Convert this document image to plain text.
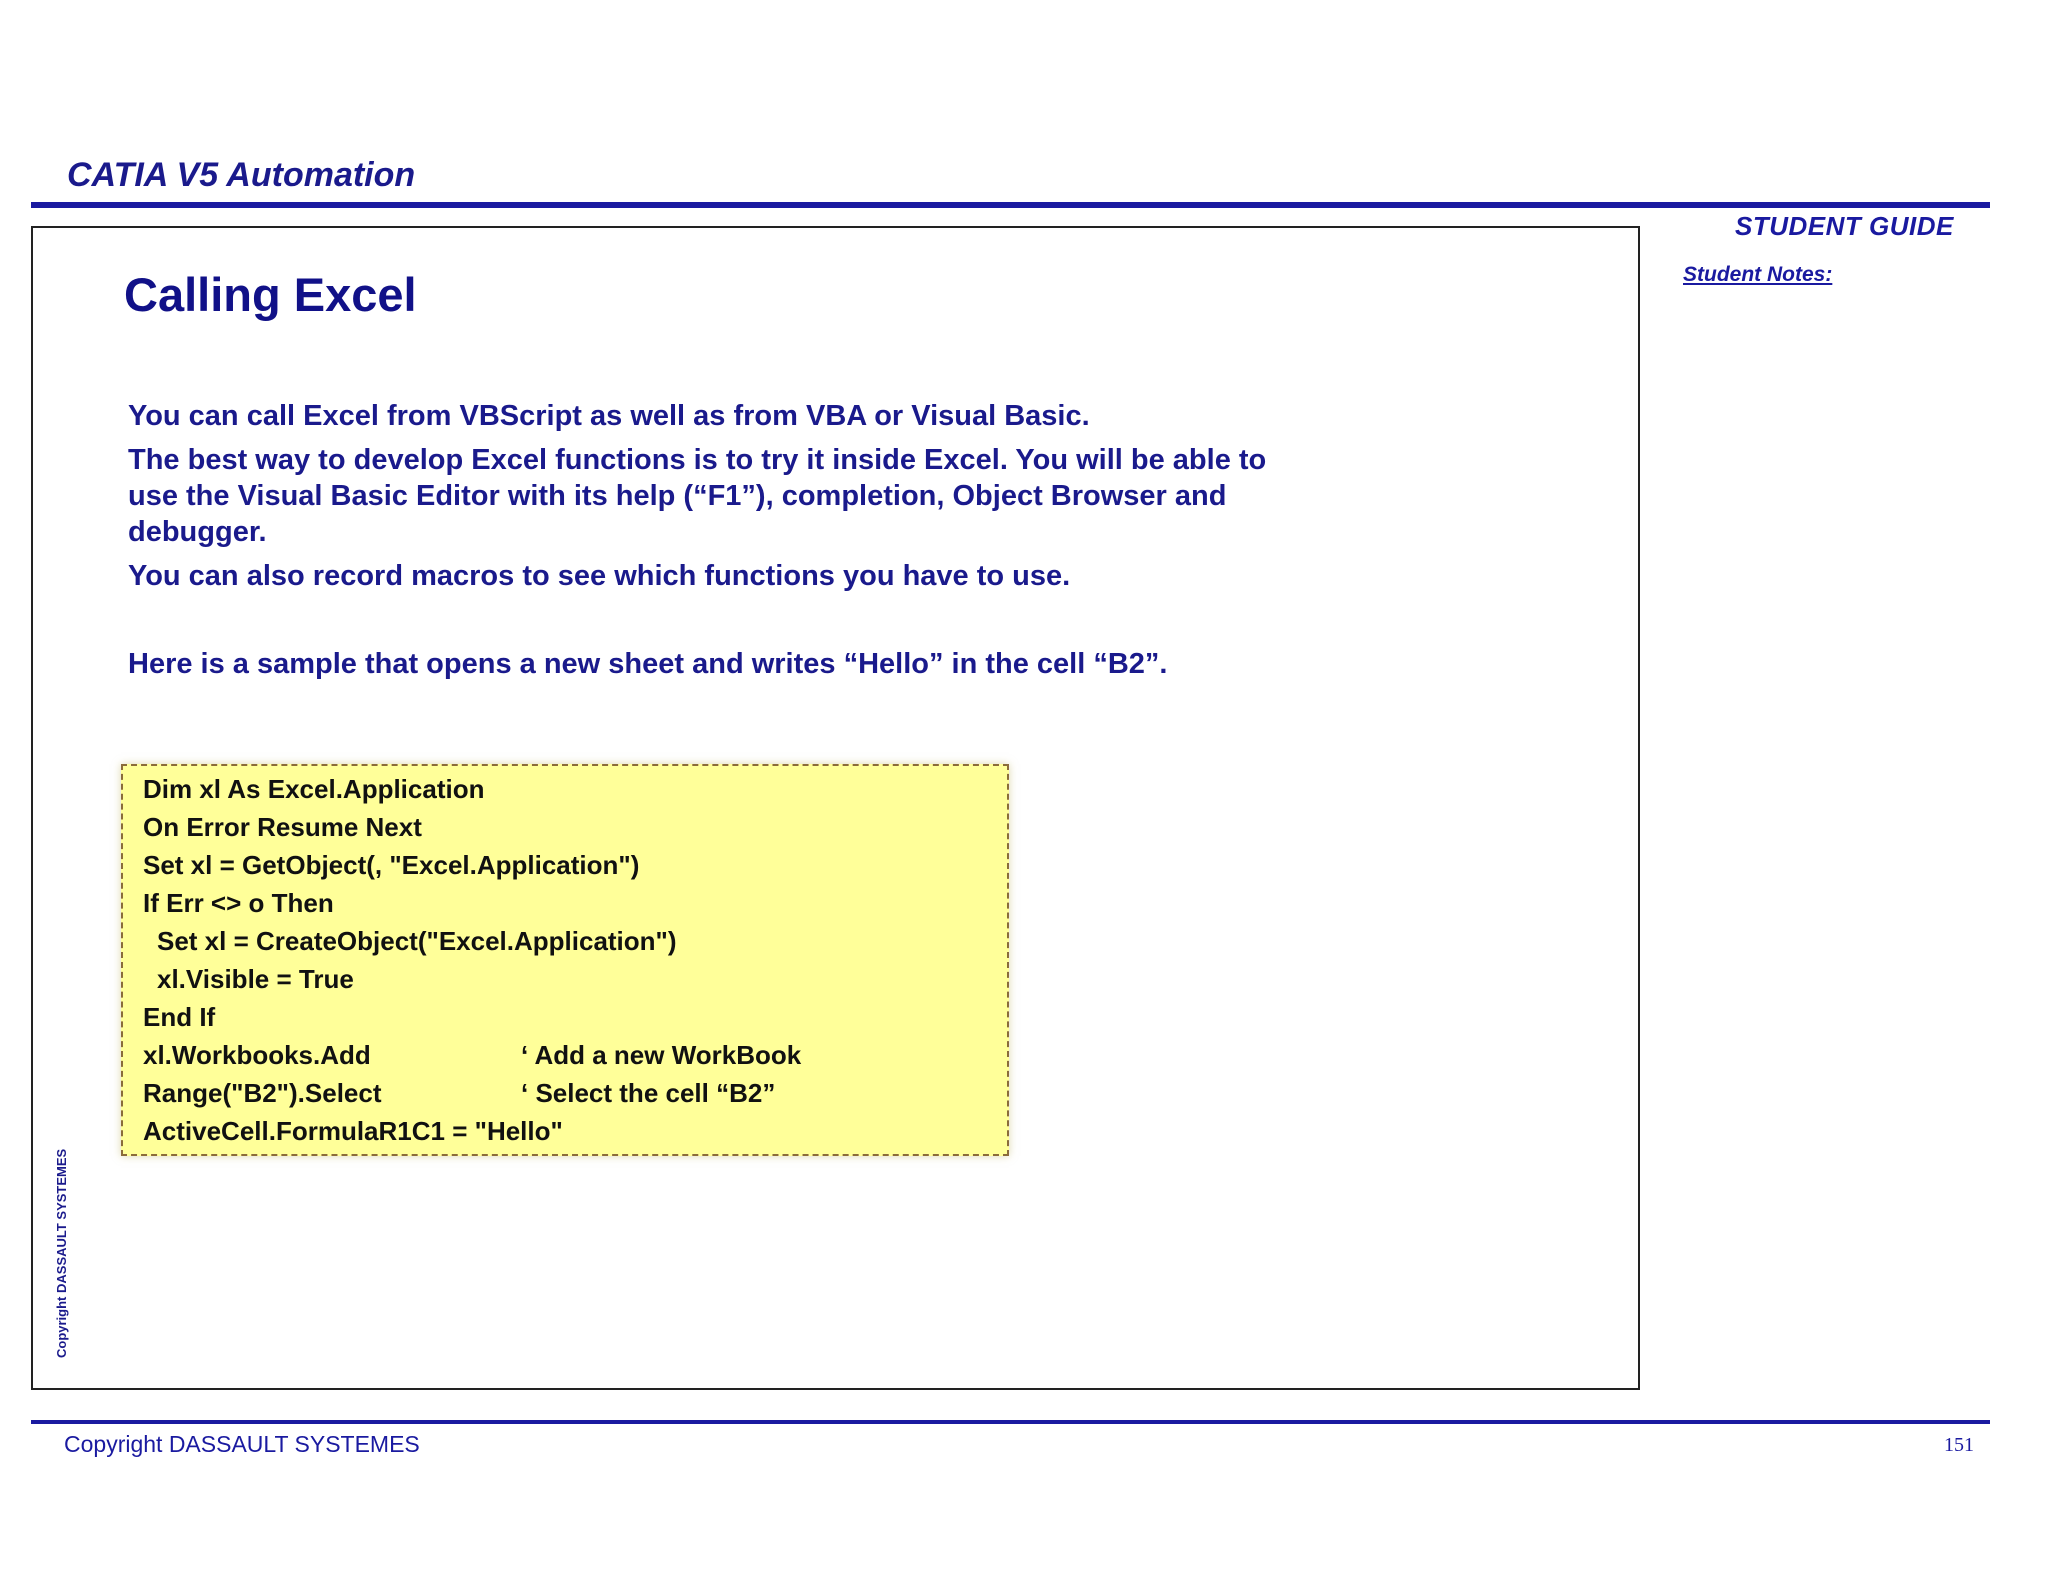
CATIA V5 Automation
STUDENT GUIDE
Student Notes:
Calling Excel
You can call Excel from VBScript as well as from VBA or Visual Basic.
The best way to develop Excel functions is to try it inside Excel. You will be able to
use the Visual Basic Editor with its help (“F1”), completion, Object Browser and
debugger.
You can also record macros to see which functions you have to use.
Here is a sample that opens a new sheet and writes “Hello” in the cell “B2”.
Dim xl As Excel.Application
On Error Resume Next
Set xl = GetObject(, "Excel.Application")
If Err <> o Then
Set xl = CreateObject("Excel.Application")
xl.Visible = True
End If
xl.Workbooks.Add	‘ Add a new WorkBook
Range("B2").Select	‘ Select the cell “B2”
ActiveCell.FormulaR1C1 = "Hello"
Copyright DASSAULT SYSTEMES
Copyright DASSAULT SYSTEMES	151
